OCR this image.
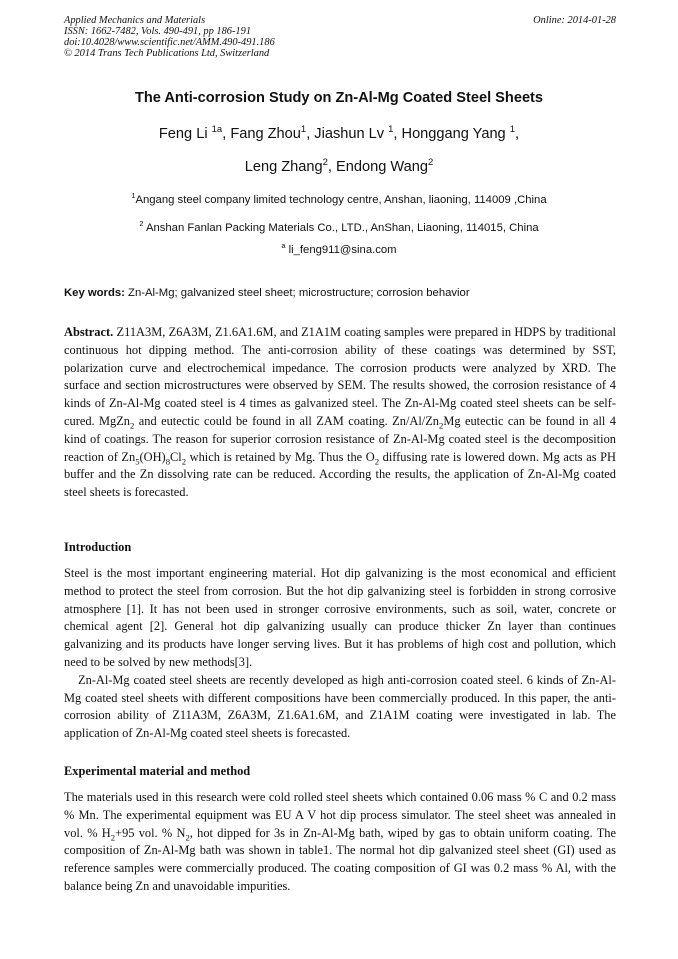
Applied Mechanics and Materials
ISSN: 1662-7482, Vols. 490-491, pp 186-191
doi:10.4028/www.scientific.net/AMM.490-491.186
© 2014 Trans Tech Publications Ltd, Switzerland
Online: 2014-01-28
The Anti-corrosion Study on Zn-Al-Mg Coated Steel Sheets
Feng Li $^{1a}$, Fang Zhou$^1$, Jiashun Lv $^1$, Honggang Yang $^1$,
Leng Zhang$^2$, Endong Wang$^2$
$^1$Angang steel company limited technology centre, Anshan, liaoning, 114009 ,China
$^2$ Anshan Fanlan Packing Materials Co., LTD., AnShan, Liaoning, 114015, China
$^a$ li_feng911@sina.com
Key words: Zn-Al-Mg; galvanized steel sheet; microstructure; corrosion behavior

Abstract. Z11A3M, Z6A3M, Z1.6A1.6M, and Z1A1M coating samples were prepared in HDPS by traditional continuous hot dipping method. The anti-corrosion ability of these coatings was determined by SST, polarization curve and electrochemical impedance. The corrosion products were analyzed by XRD. The surface and section microstructures were observed by SEM. The results showed, the corrosion resistance of 4 kinds of Zn-Al-Mg coated steel is 4 times as galvanized steel. The Zn-Al-Mg coated steel sheets can be self-cured. MgZn$_2$ and eutectic could be found in all ZAM coating. $Zn/Al/Zn_2Mg$ eutectic can be found in all 4 kind of coatings. The reason for superior corrosion resistance of Zn-Al-Mg coated steel is the decomposition reaction of $Zn_5(OH)_8Cl_2$ which is retained by Mg. Thus the $O_2$ diffusing rate is lowered down. Mg acts as PH buffer and the Zn dissolving rate can be reduced. According the results, the application of Zn-Al-Mg coated steel sheets is forecasted.

Introduction

Steel is the most important engineering material. Hot dip galvanizing is the most economical and efficient method to protect the steel from corrosion. But the hot dip galvanizing steel is forbidden in strong corrosive atmosphere [1]. It has not been used in stronger corrosive environments, such as soil, water, concrete or chemical agent [2]. General hot dip galvanizing usually can produce thicker Zn layer than continues galvanizing and its products have longer serving lives. But it has problems of high cost and pollution, which need to be solved by new methods[3].

Zn-Al-Mg coated steel sheets are recently developed as high anti-corrosion coated steel. 6 kinds of Zn-Al-Mg coated steel sheets with different compositions have been commercially produced. In this paper, the anti-corrosion ability of Z11A3M, Z6A3M, Z1.6A1.6M, and Z1A1M coating were investigated in lab. The application of Zn-Al-Mg coated steel sheets is forecasted.

Experimental material and method

The materials used in this research were cold rolled steel sheets which contained 0.06 mass % C and 0.2 mass % Mn. The experimental equipment was EU A V hot dip process simulator. The steel sheet was annealed in vol. % $H_2+95$ vol. % $N_2$, hot dipped for 3s in Zn-Al-Mg bath, wiped by gas to obtain uniform coating. The composition of Zn-Al-Mg bath was shown in table1. The normal hot dip galvanized steel sheet (GI) used as reference samples were commercially produced. The coating composition of GI was 0.2 mass % Al, with the balance being Zn and unavoidable impurities.
